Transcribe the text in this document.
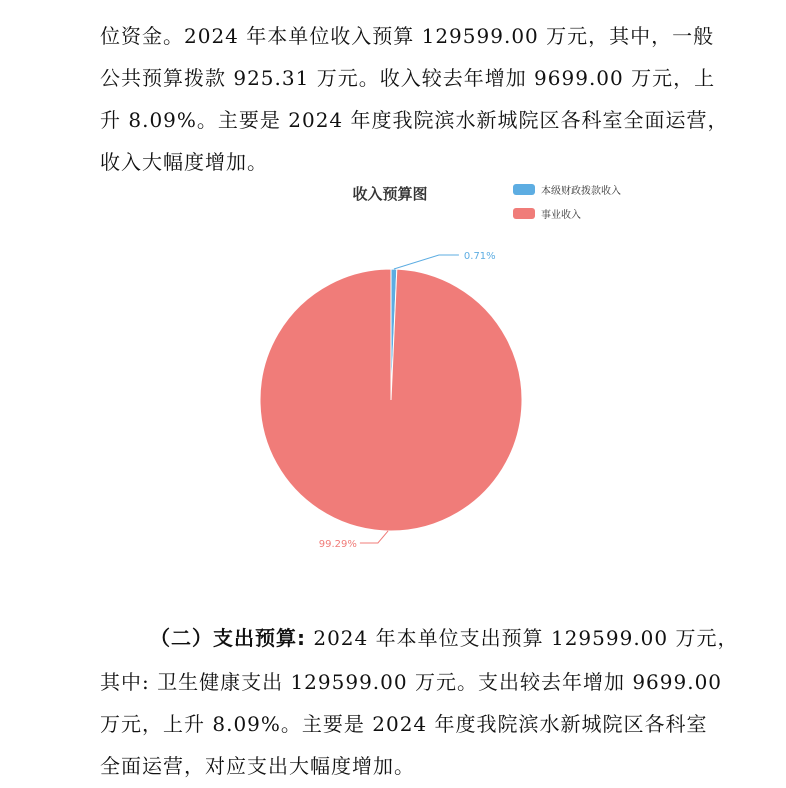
位资金。2024 年本单位收入预算 129599.00 万元，其中，一般
公共预算拨款 925.31 万元。收入较去年增加 9699.00 万元，上
升 8.09%。主要是 2024 年度我院滨水新城院区各科室全面运营，
收入大幅度增加。
收入预算图	本级财政拨款收入
事业收入
0.71%
99.29%
（二）支出预算: 2024 年本单位支出预算 129599.00 万元，
其中: 卫生健康支出 129599.00 万元。支出较去年增加 9699.00
万元，上升 8.09%。主要是 2024 年度我院滨水新城院区各科室
全面运营，对应支出大幅度增加。
